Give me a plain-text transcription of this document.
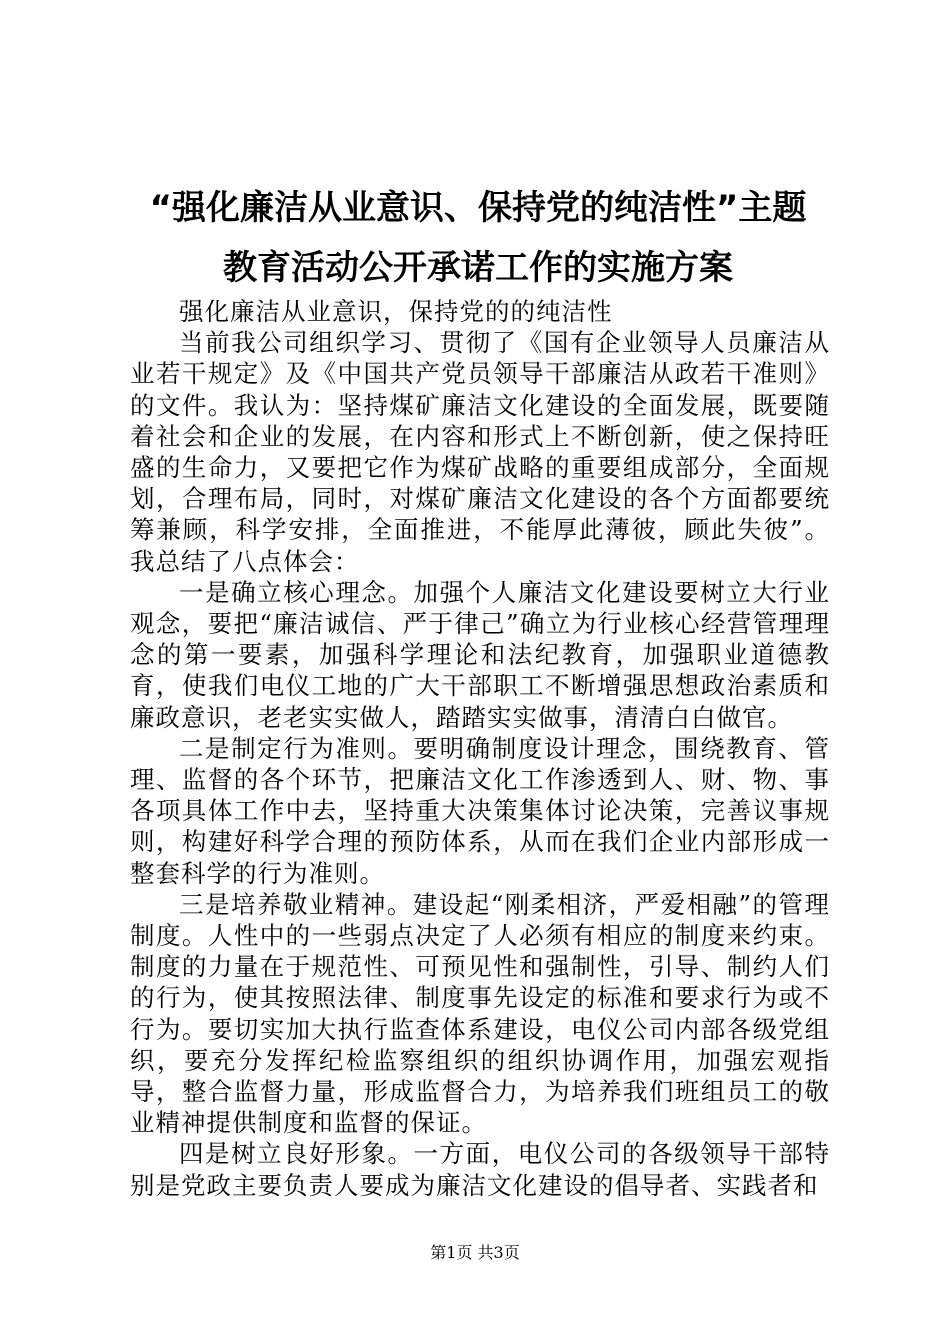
“强化廉洁从业意识、保持党的纯洁性”主题
教育活动公开承诺工作的实施方案

强化廉洁从业意识，保持党的的纯洁性

当前我公司组织学习、贯彻了《国有企业领导人员廉洁从业若干规定》及《中国共产党员领导干部廉洁从政若干准则》的文件。我认为：坚持煤矿廉洁文化建设的全面发展，既要随着社会和企业的发展，在内容和形式上不断创新，使之保持旺盛的生命力，又要把它作为煤矿战略的重要组成部分，全面规划，合理布局，同时，对煤矿廉洁文化建设的各个方面都要统筹兼顾，科学安排，全面推进，不能厚此薄彼，顾此失彼”。我总结了八点体会：

一是确立核心理念。加强个人廉洁文化建设要树立大行业观念，要把“廉洁诚信、严于律己”确立为行业核心经营管理理念的第一要素，加强科学理论和法纪教育，加强职业道德教育，使我们电仪工地的广大干部职工不断增强思想政治素质和廉政意识，老老实实做人，踏踏实实做事，清清白白做官。

二是制定行为准则。要明确制度设计理念，围绕教育、管理、监督的各个环节，把廉洁文化工作渗透到人、财、物、事各项具体工作中去，坚持重大决策集体讨论决策，完善议事规则，构建好科学合理的预防体系，从而在我们企业内部形成一整套科学的行为准则。

三是培养敬业精神。建设起“刚柔相济，严爱相融”的管理制度。人性中的一些弱点决定了人必须有相应的制度来约束。制度的力量在于规范性、可预见性和强制性，引导、制约人们的行为，使其按照法律、制度事先设定的标准和要求行为或不行为。要切实加大执行监查体系建设，电仪公司内部各级党组织，要充分发挥纪检监察组织的组织协调作用，加强宏观指导，整合监督力量，形成监督合力，为培养我们班组员工的敬业精神提供制度和监督的保证。

四是树立良好形象。一方面，电仪公司的各级领导干部特别是党政主要负责人要成为廉洁文化建设的倡导者、实践者和

第1页 共3页
